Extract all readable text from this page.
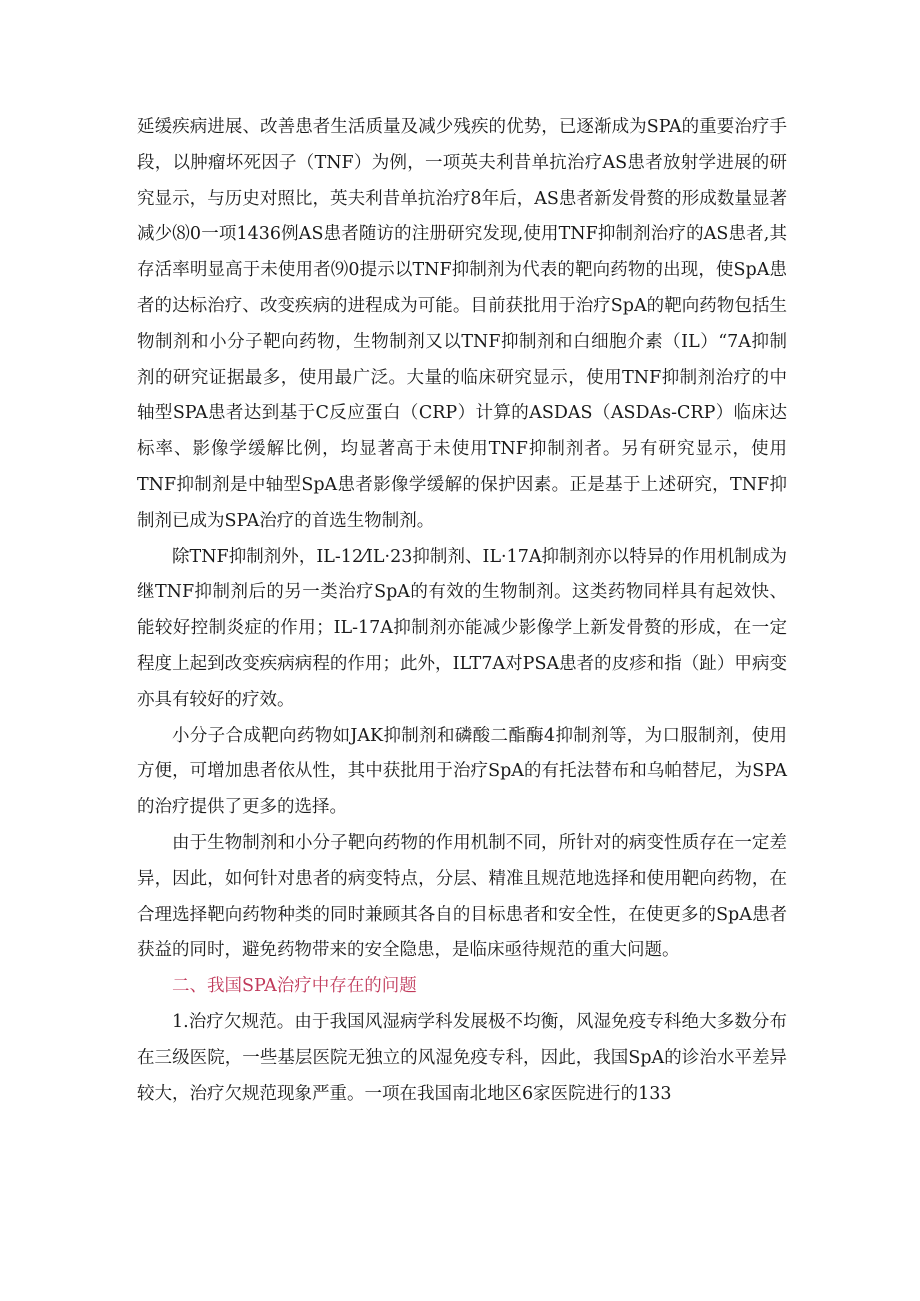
延缓疾病进展、改善患者生活质量及减少残疾的优势，已逐渐成为SPA的重要治疗手段，以肿瘤坏死因子（TNF）为例，一项英夫利昔单抗治疗AS患者放射学进展的研究显示，与历史对照比，英夫利昔单抗治疗8年后，AS患者新发骨赘的形成数量显著减少⑻0一项1436例AS患者随访的注册研究发现,使用TNF抑制剂治疗的AS患者,其存活率明显高于未使用者⑼0提示以TNF抑制剂为代表的靶向药物的出现，使SpA患者的达标治疗、改变疾病的进程成为可能。目前获批用于治疗SpA的靶向药物包括生物制剂和小分子靶向药物，生物制剂又以TNF抑制剂和白细胞介素（IL）“7A抑制剂的研究证据最多，使用最广泛。大量的临床研究显示，使用TNF抑制剂治疗的中轴型SPA患者达到基于C反应蛋白（CRP）计算的ASDAS（ASDAs-CRP）临床达标率、影像学缓解比例，均显著高于未使用TNF抑制剂者。另有研究显示，使用TNF抑制剂是中轴型SpA患者影像学缓解的保护因素。正是基于上述研究，TNF抑制剂已成为SPA治疗的首选生物制剂。

除TNF抑制剂外，IL-12⁄IL·23抑制剂、IL·17A抑制剂亦以特异的作用机制成为继TNF抑制剂后的另一类治疗SpA的有效的生物制剂。这类药物同样具有起效快、能较好控制炎症的作用；IL-17A抑制剂亦能减少影像学上新发骨赘的形成，在一定程度上起到改变疾病病程的作用；此外，ILT7A对PSA患者的皮疹和指（趾）甲病变亦具有较好的疗效。

小分子合成靶向药物如JAK抑制剂和磷酸二酯酶4抑制剂等，为口服制剂，使用方便，可增加患者依从性，其中获批用于治疗SpA的有托法替布和乌帕替尼，为SPA的治疗提供了更多的选择。

由于生物制剂和小分子靶向药物的作用机制不同，所针对的病变性质存在一定差异，因此，如何针对患者的病变特点，分层、精准且规范地选择和使用靶向药物，在合理选择靶向药物种类的同时兼顾其各自的目标患者和安全性，在使更多的SpA患者获益的同时，避免药物带来的安全隐患，是临床亟待规范的重大问题。

二、我国SPA治疗中存在的问题

1.治疗欠规范。由于我国风湿病学科发展极不均衡，风湿免疫专科绝大多数分布在三级医院，一些基层医院无独立的风湿免疫专科，因此，我国SpA的诊治水平差异较大，治疗欠规范现象严重。一项在我国南北地区6家医院进行的133
